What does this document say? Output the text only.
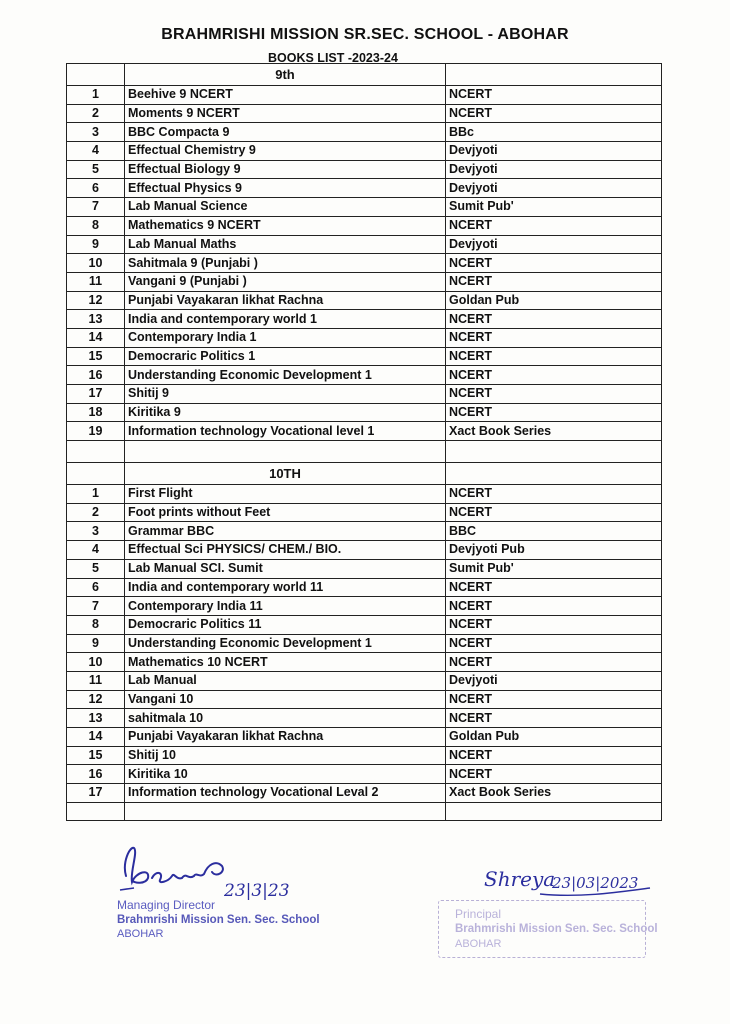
BRAHMRISHI MISSION SR.SEC. SCHOOL - ABOHAR
BOOKS LIST -2023-24
	9th	
1	Beehive 9 NCERT	NCERT
2	Moments 9 NCERT	NCERT
3	BBC Compacta 9	BBc
4	Effectual Chemistry 9	Devjyoti
5	Effectual Biology 9	Devjyoti
6	Effectual Physics 9	Devjyoti
7	Lab Manual Science	Sumit Pub'
8	Mathematics 9 NCERT	NCERT
9	Lab Manual Maths	Devjyoti
10	Sahitmala 9 (Punjabi )	NCERT
11	Vangani 9 (Punjabi )	NCERT
12	Punjabi Vayakaran likhat Rachna	Goldan Pub
13	India and contemporary world 1	NCERT
14	Contemporary India 1	NCERT
15	Democraric Politics 1	NCERT
16	Understanding Economic Development 1	NCERT
17	Shitij 9	NCERT
18	Kiritika 9	NCERT
19	Information technology Vocational level 1	Xact Book Series

	10TH	
1	First Flight	NCERT
2	Foot prints without Feet	NCERT
3	Grammar BBC	BBC
4	Effectual Sci PHYSICS/ CHEM./ BIO.	Devjyoti Pub
5	Lab Manual SCI. Sumit	Sumit Pub'
6	India and contemporary world 11	NCERT
7	Contemporary India 11	NCERT
8	Democraric Politics 11	NCERT
9	Understanding Economic Development 1	NCERT
10	Mathematics 10 NCERT	NCERT
11	Lab Manual	Devjyoti
12	Vangani 10	NCERT
13	sahitmala 10	NCERT
14	Punjabi Vayakaran likhat Rachna	Goldan Pub
15	Shitij 10	NCERT
16	Kiritika 10	NCERT
17	Information technology Vocational Leval 2	Xact Book Series

23|3|23
Managing Director
Brahmrishi Mission Sen. Sec. School
ABOHAR
Shreya
23|03|2023
Principal
Brahmrishi Mission Sen. Sec. School
ABOHAR
